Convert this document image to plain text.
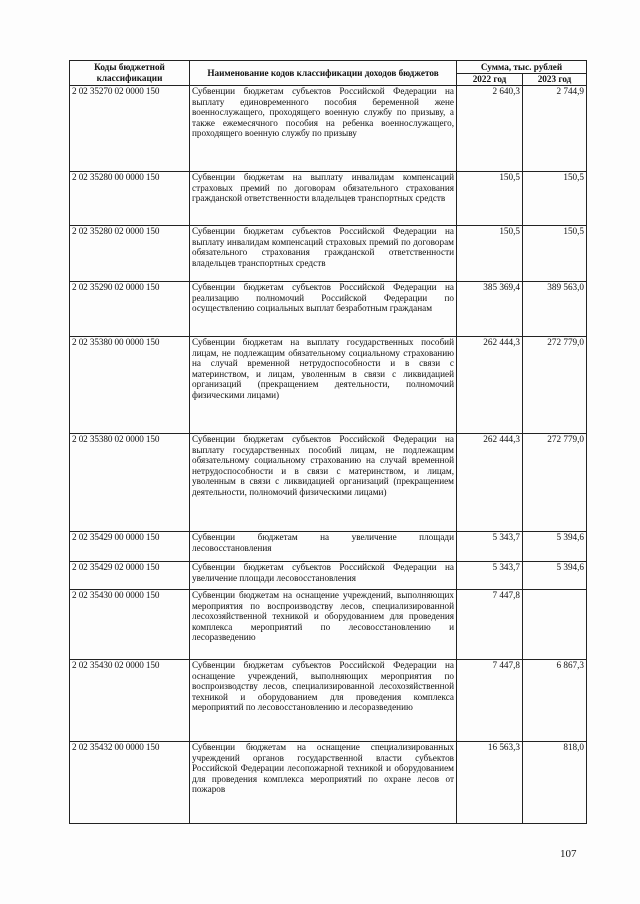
Коды бюджетной классификации	Наименование кодов классификации доходов бюджетов	Сумма, тыс. рублей	
		2022 год	2023 год
2 02 35270 02 0000 150	Субвенции бюджетам субъектов Российской Федерации на выплату единовременного пособия беременной жене военнослужащего, проходящего военную службу по призыву, а также ежемесячного пособия на ребенка военнослужащего, проходящего военную службу по призыву	2 640,3	2 744,9
2 02 35280 00 0000 150	Субвенции бюджетам на выплату инвалидам компенсаций страховых премий по договорам обязательного страхования гражданской ответственности владельцев транспортных средств	150,5	150,5
2 02 35280 02 0000 150	Субвенции бюджетам субъектов Российской Федерации на выплату инвалидам компенсаций страховых премий по договорам обязательного страхования гражданской ответственности владельцев транспортных средств	150,5	150,5
2 02 35290 02 0000 150	Субвенции бюджетам субъектов Российской Федерации на реализацию полномочий Российской Федерации по осуществлению социальных выплат безработным гражданам	385 369,4	389 563,0
2 02 35380 00 0000 150	Субвенции бюджетам на выплату государственных пособий лицам, не подлежащим обязательному социальному страхованию на случай временной нетрудоспособности и в связи с материнством, и лицам, уволенным в связи с ликвидацией организаций (прекращением деятельности, полномочий физическими лицами)	262 444,3	272 779,0
2 02 35380 02 0000 150	Субвенции бюджетам субъектов Российской Федерации на выплату государственных пособий лицам, не подлежащим обязательному социальному страхованию на случай временной нетрудоспособности и в связи с материнством, и лицам, уволенным в связи с ликвидацией организаций (прекращением деятельности, полномочий физическими лицами)	262 444,3	272 779,0
2 02 35429 00 0000 150	Субвенции бюджетам на увеличение площади лесовосстановления	5 343,7	5 394,6
2 02 35429 02 0000 150	Субвенции бюджетам субъектов Российской Федерации на увеличение площади лесовосстановления	5 343,7	5 394,6
2 02 35430 00 0000 150	Субвенции бюджетам на оснащение учреждений, выполняющих мероприятия по воспроизводству лесов, специализированной лесохозяйственной техникой и оборудованием для проведения комплекса мероприятий по лесовосстановлению и лесоразведению	7 447,8	
2 02 35430 02 0000 150	Субвенции бюджетам субъектов Российской Федерации на оснащение учреждений, выполняющих мероприятия по воспроизводству лесов, специализированной лесохозяйственной техникой и оборудованием для проведения комплекса мероприятий по лесовосстановлению и лесоразведению	7 447,8	6 867,3
2 02 35432 00 0000 150	Субвенции бюджетам на оснащение специализированных учреждений органов государственной власти субъектов Российской Федерации лесопожарной техникой и оборудованием для проведения комплекса мероприятий по охране лесов от пожаров	16 563,3	818,0
107
